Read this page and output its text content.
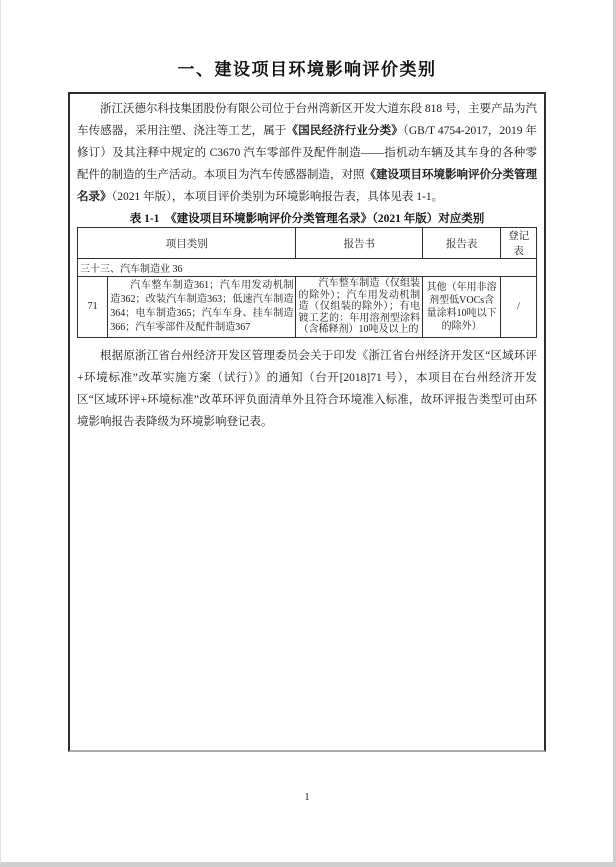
一、建设项目环境影响评价类别

浙江沃德尔科技集团股份有限公司位于台州湾新区开发大道东段 818 号，主要产品为汽车传感器，采用注塑、浇注等工艺，属于《国民经济行业分类》（GB/T 4754-2017，2019 年修订）及其注释中规定的 C3670 汽车零部件及配件制造——指机动车辆及其车身的各种零配件的制造的生产活动。本项目为汽车传感器制造，对照《建设项目环境影响评价分类管理名录》（2021 年版），本项目评价类别为环境影响报告表，具体见表 1-1。

表 1-1　《建设项目环境影响评价分类管理名录》（2021 年版）对应类别
项目类别		报告书	报告表	登记表
三十三、汽车制造业 36				
71	汽车整车制造361；汽车用发动机制造362；改装汽车制造363；低速汽车制造364；电车制造365；汽车车身、挂车制造366；汽车零部件及配件制造367	汽车整车制造（仅组装的除外）；汽车用发动机制造（仅组装的除外）；有电镀工艺的：年用溶剂型涂料（含稀释剂）10吨及以上的	其他（年用非溶剂型低VOCs含量涂料10吨以下的除外）	/

根据原浙江省台州经济开发区管理委员会关于印发《浙江省台州经济开发区“区域环评+环境标准”改革实施方案（试行）》的通知（台开[2018]71 号），本项目在台州经济开发区“区域环评+环境标准”改革环评负面清单外且符合环境准入标准，故环评报告类型可由环境影响报告表降级为环境影响登记表。

1
